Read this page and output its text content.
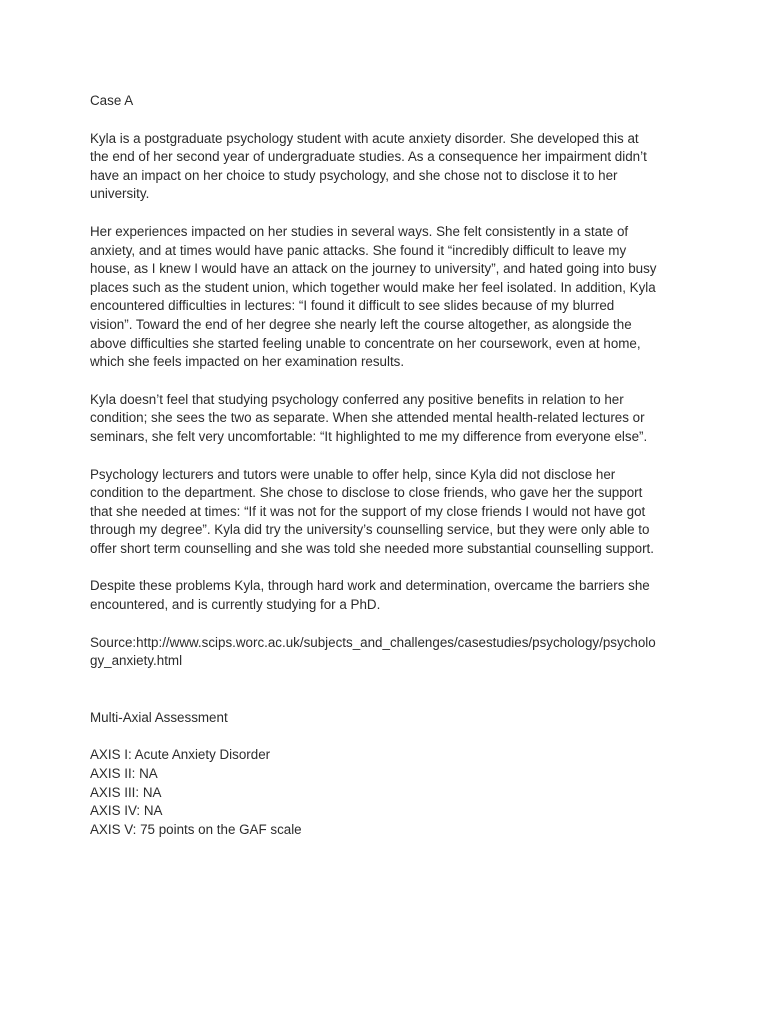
Case A
Kyla is a postgraduate psychology student with acute anxiety disorder. She developed this at
the end of her second year of undergraduate studies. As a consequence her impairment didn’t
have an impact on her choice to study psychology, and she chose not to disclose it to her
university.
Her experiences impacted on her studies in several ways. She felt consistently in a state of
anxiety, and at times would have panic attacks. She found it “incredibly difficult to leave my
house, as I knew I would have an attack on the journey to university”, and hated going into busy
places such as the student union, which together would make her feel isolated. In addition, Kyla
encountered difficulties in lectures: “I found it difficult to see slides because of my blurred
vision”. Toward the end of her degree she nearly left the course altogether, as alongside the
above difficulties she started feeling unable to concentrate on her coursework, even at home,
which she feels impacted on her examination results.
Kyla doesn’t feel that studying psychology conferred any positive benefits in relation to her
condition; she sees the two as separate. When she attended mental health-related lectures or
seminars, she felt very uncomfortable: “It highlighted to me my difference from everyone else”.
Psychology lecturers and tutors were unable to offer help, since Kyla did not disclose her
condition to the department. She chose to disclose to close friends, who gave her the support
that she needed at times: “If it was not for the support of my close friends I would not have got
through my degree”. Kyla did try the university’s counselling service, but they were only able to
offer short term counselling and she was told she needed more substantial counselling support.
Despite these problems Kyla, through hard work and determination, overcame the barriers she
encountered, and is currently studying for a PhD.
Source:http://www.scips.worc.ac.uk/subjects_and_challenges/casestudies/psychology/psycholo
gy_anxiety.html
Multi-Axial Assessment
AXIS I: Acute Anxiety Disorder
AXIS II: NA
AXIS III: NA
AXIS IV: NA
AXIS V: 75 points on the GAF scale
